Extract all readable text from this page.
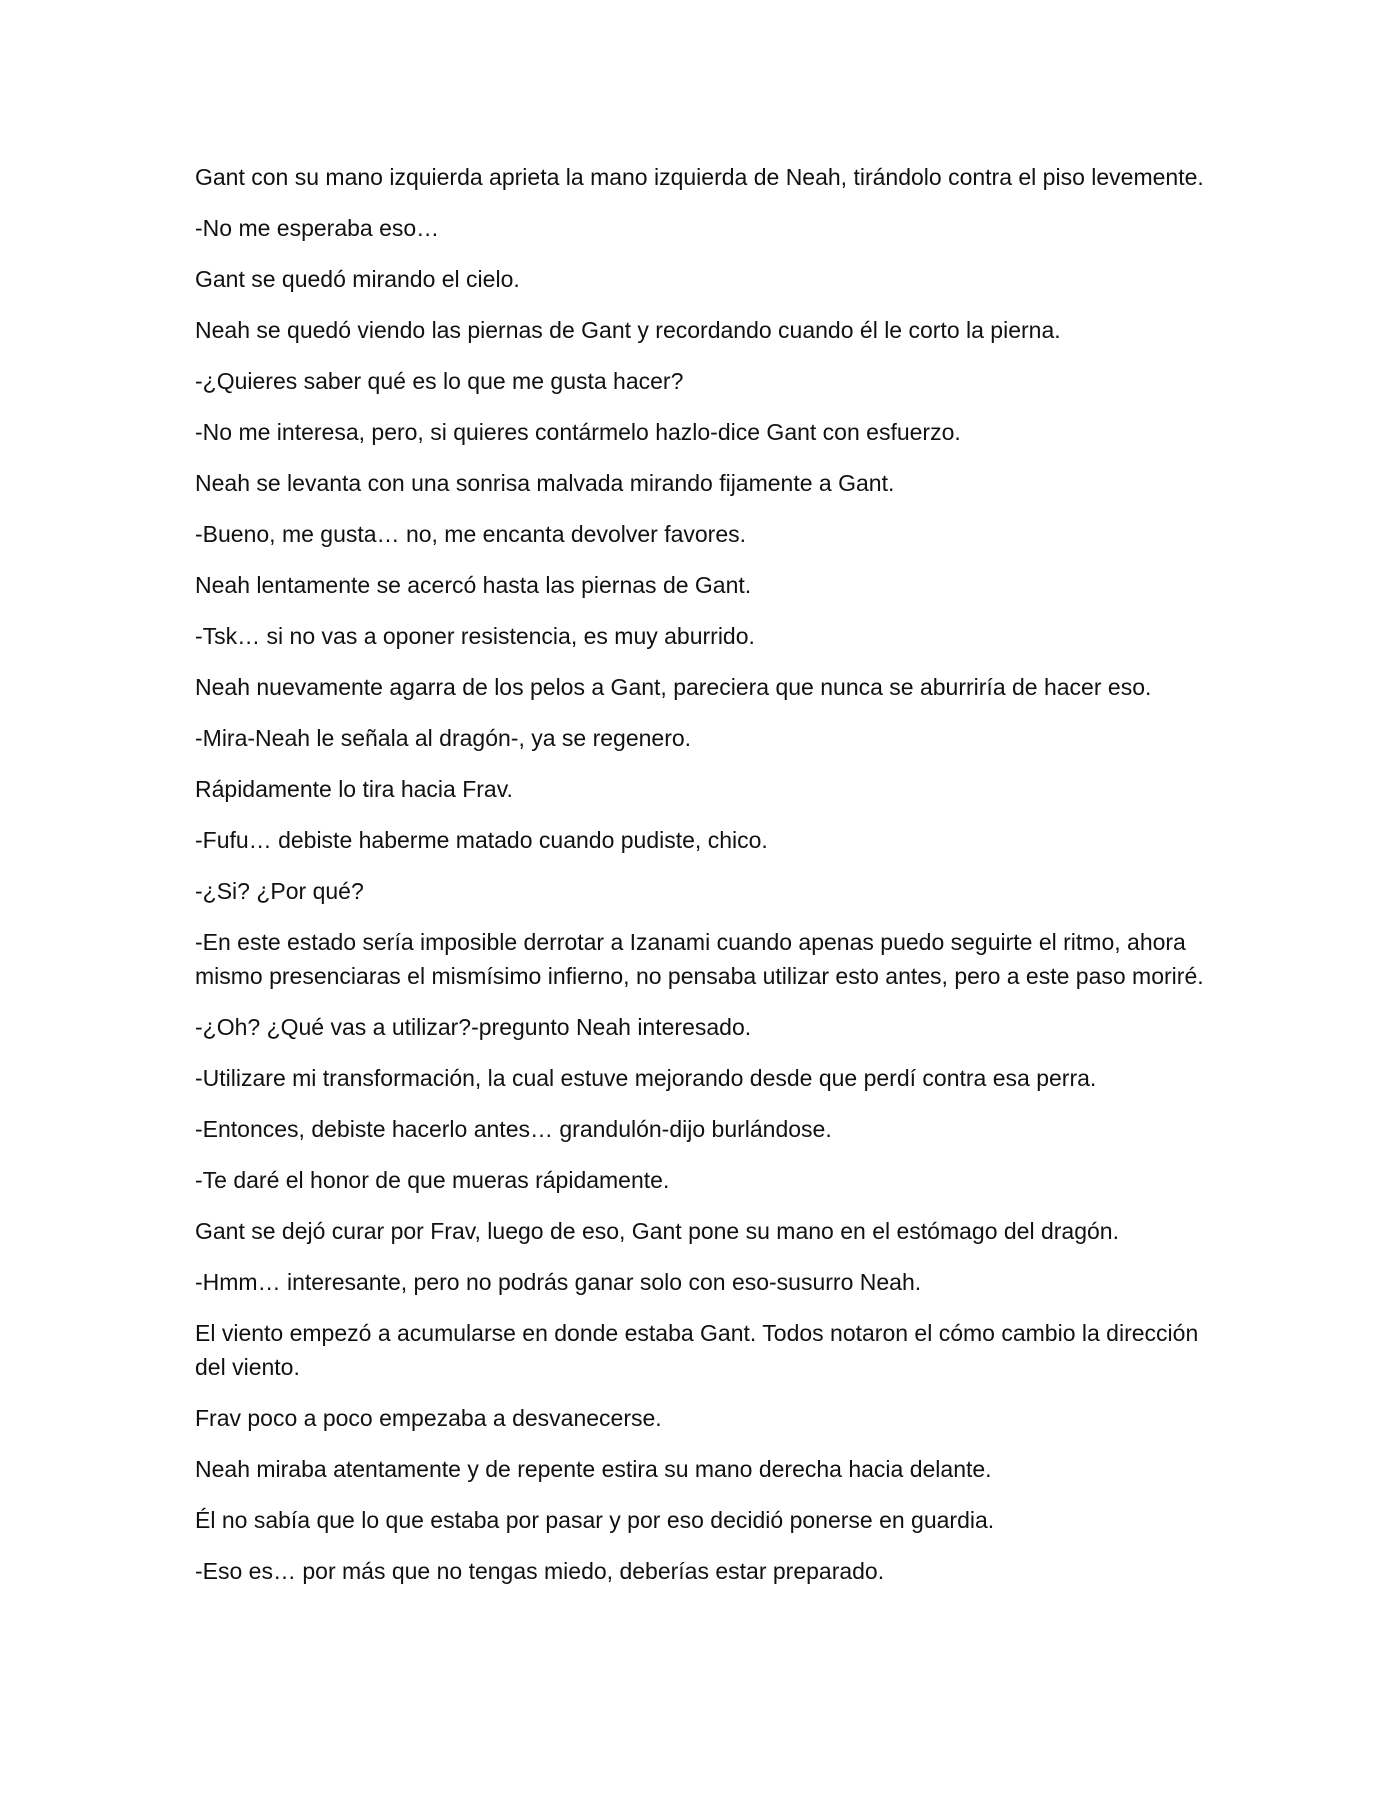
Gant con su mano izquierda aprieta la mano izquierda de Neah, tirándolo contra el piso levemente.

-No me esperaba eso…

Gant se quedó mirando el cielo.

Neah se quedó viendo las piernas de Gant y recordando cuando él le corto la pierna.

-¿Quieres saber qué es lo que me gusta hacer?

-No me interesa, pero, si quieres contármelo hazlo-dice Gant con esfuerzo.

Neah se levanta con una sonrisa malvada mirando fijamente a Gant.

-Bueno, me gusta… no, me encanta devolver favores.

Neah lentamente se acercó hasta las piernas de Gant.

-Tsk… si no vas a oponer resistencia, es muy aburrido.

Neah nuevamente agarra de los pelos a Gant, pareciera que nunca se aburriría de hacer eso.

-Mira-Neah le señala al dragón-, ya se regenero.

Rápidamente lo tira hacia Frav.

-Fufu… debiste haberme matado cuando pudiste, chico.

-¿Si? ¿Por qué?

-En este estado sería imposible derrotar a Izanami cuando apenas puedo seguirte el ritmo, ahora mismo presenciaras el mismísimo infierno, no pensaba utilizar esto antes, pero a este paso moriré.

-¿Oh? ¿Qué vas a utilizar?-pregunto Neah interesado.

-Utilizare mi transformación, la cual estuve mejorando desde que perdí contra esa perra.

-Entonces, debiste hacerlo antes… grandulón-dijo burlándose.

-Te daré el honor de que mueras rápidamente.

Gant se dejó curar por Frav, luego de eso, Gant pone su mano en el estómago del dragón.

-Hmm… interesante, pero no podrás ganar solo con eso-susurro Neah.

El viento empezó a acumularse en donde estaba Gant. Todos notaron el cómo cambio la dirección del viento.

Frav poco a poco empezaba a desvanecerse.

Neah miraba atentamente y de repente estira su mano derecha hacia delante.

Él no sabía que lo que estaba por pasar y por eso decidió ponerse en guardia.

-Eso es… por más que no tengas miedo, deberías estar preparado.
